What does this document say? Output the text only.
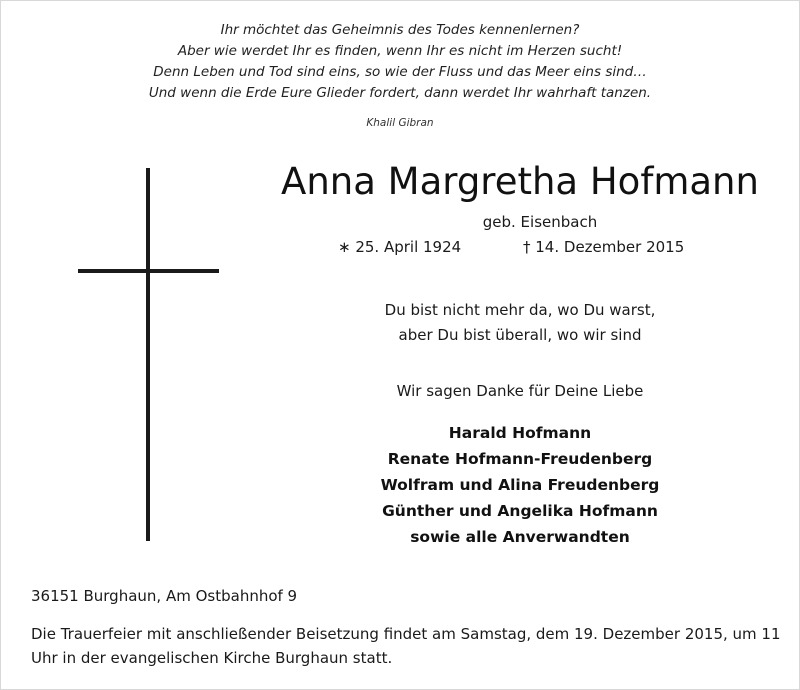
Ihr möchtet das Geheimnis des Todes kennenlernen?
Aber wie werdet Ihr es finden, wenn Ihr es nicht im Herzen sucht!
Denn Leben und Tod sind eins, so wie der Fluss und das Meer eins sind…
Und wenn die Erde Eure Glieder fordert, dann werdet Ihr wahrhaft tanzen.
Khalil Gibran
Anna Margretha Hofmann
geb. Eisenbach
∗ 25. April 1924	† 14. Dezember 2015
Du bist nicht mehr da, wo Du warst,
aber Du bist überall, wo wir sind
Wir sagen Danke für Deine Liebe
Harald Hofmann
Renate Hofmann-Freudenberg
Wolfram und Alina Freudenberg
Günther und Angelika Hofmann
sowie alle Anverwandten
36151 Burghaun, Am Ostbahnhof 9
Die Trauerfeier mit anschließender Beisetzung findet am Samstag, dem 19. Dezember 2015, um 11 Uhr in der evangelischen Kirche Burghaun statt.
